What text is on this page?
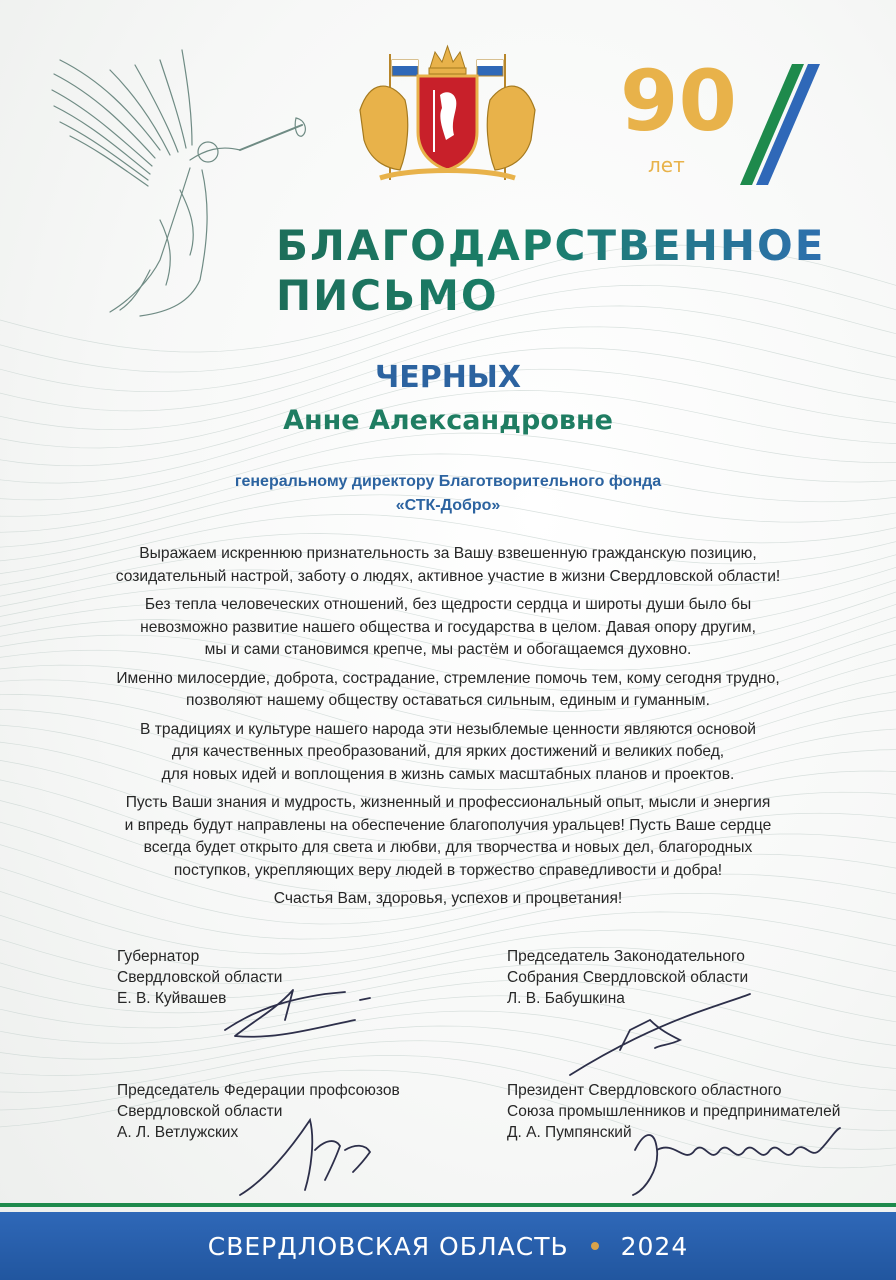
90
лет
БЛАГОДАРСТВЕННОЕ
ПИСЬМО
ЧЕРНЫХ
Анне Александровне
генеральному директору Благотворительного фонда
«СТК-Добро»

Выражаем искреннюю признательность за Вашу взвешенную гражданскую позицию,
созидательный настрой, заботу о людях, активное участие в жизни Свердловской области!

Без тепла человеческих отношений, без щедрости сердца и широты души было бы
невозможно развитие нашего общества и государства в целом. Давая опору другим,
мы и сами становимся крепче, мы растём и обогащаемся духовно.

Именно милосердие, доброта, сострадание, стремление помочь тем, кому сегодня трудно,
позволяют нашему обществу оставаться сильным, единым и гуманным.

В традициях и культуре нашего народа эти незыблемые ценности являются основой
для качественных преобразований, для ярких достижений и великих побед,
для новых идей и воплощения в жизнь самых масштабных планов и проектов.

Пусть Ваши знания и мудрость, жизненный и профессиональный опыт, мысли и энергия
и впредь будут направлены на обеспечение благополучия уральцев! Пусть Ваше сердце
всегда будет открыто для света и любви, для творчества и новых дел, благородных
поступков, укрепляющих веру людей в торжество справедливости и добра!

Счастья Вам, здоровья, успехов и процветания!

Губернатор
Свердловской области
Е. В. Куйвашев
Председатель Законодательного
Собрания Свердловской области
Л. В. Бабушкина
Председатель Федерации профсоюзов
Свердловской области
А. Л. Ветлужских
Президент Свердловского областного
Союза промышленников и предпринимателей
Д. А. Пумпянский
СВЕРДЛОВСКАЯ ОБЛАСТЬ 2024
